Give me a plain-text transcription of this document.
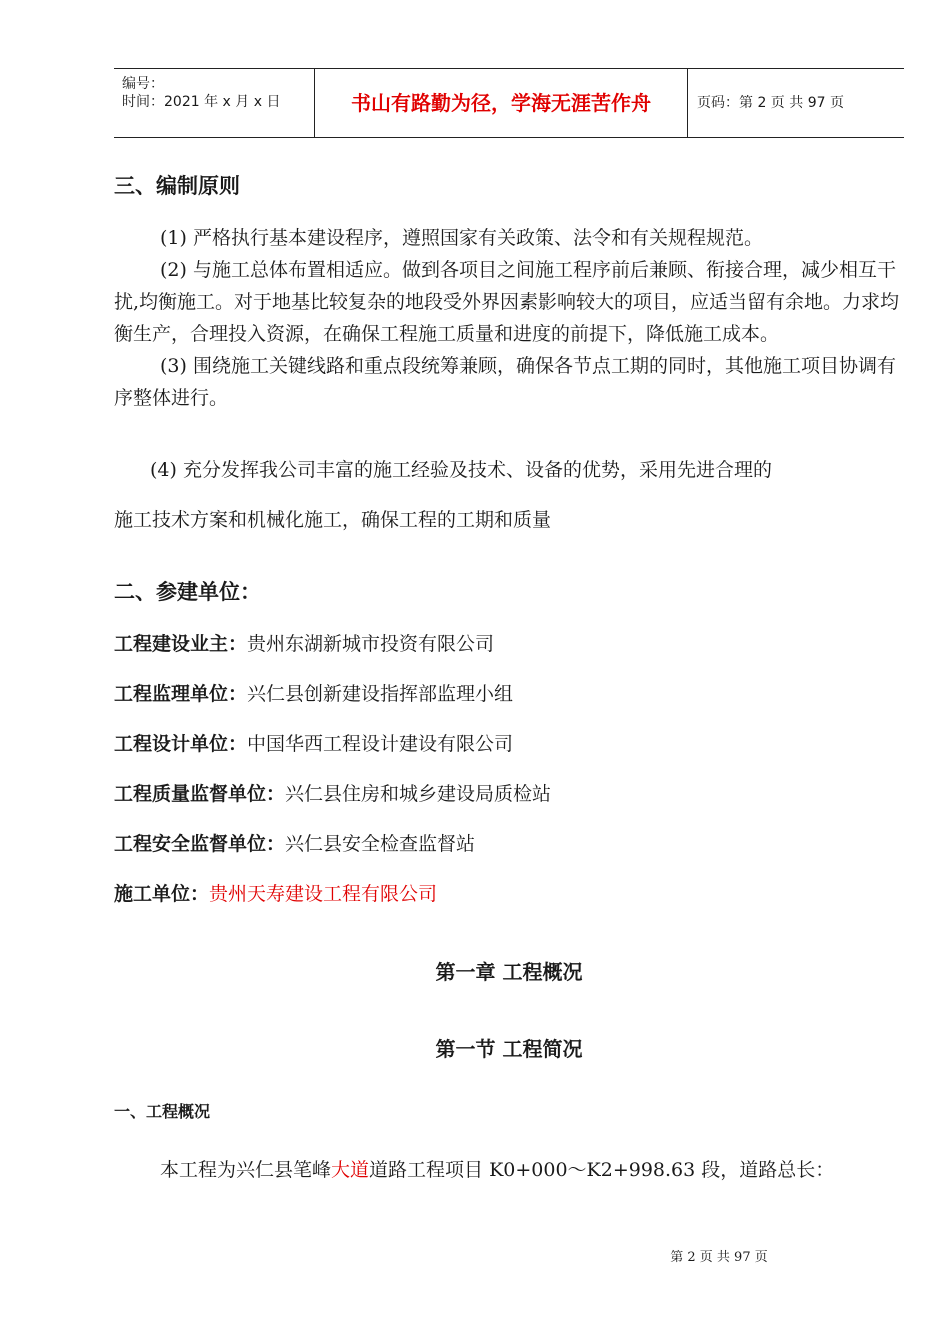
编号：
时间：2021 年 x 月 x 日	书山有路勤为径，学海无涯苦作舟	页码：第 2 页 共 97 页
三、编制原则

(1) 严格执行基本建设程序，遵照国家有关政策、法令和有关规程规范。

(2) 与施工总体布置相适应。做到各项目之间施工程序前后兼顾、衔接合理，减少相互干扰,均衡施工。对于地基比较复杂的地段受外界因素影响较大的项目，应适当留有余地。力求均衡生产，合理投入资源，在确保工程施工质量和进度的前提下，降低施工成本。

(3) 围绕施工关键线路和重点段统筹兼顾，确保各节点工期的同时，其他施工项目协调有序整体进行。

(4) 充分发挥我公司丰富的施工经验及技术、设备的优势，采用先进合理的
施工技术方案和机械化施工，确保工程的工期和质量
二、参建单位：
工程建设业主：贵州东湖新城市投资有限公司
工程监理单位：兴仁县创新建设指挥部监理小组
工程设计单位：中国华西工程设计建设有限公司
工程质量监督单位：兴仁县住房和城乡建设局质检站
工程安全监督单位：兴仁县安全检查监督站
施工单位：贵州天寿建设工程有限公司
第一章 工程概况
第一节 工程简况
一、工程概况
本工程为兴仁县笔峰大道道路工程项目 K0+000～K2+998.63 段，道路总长：
第 2 页 共 97 页
